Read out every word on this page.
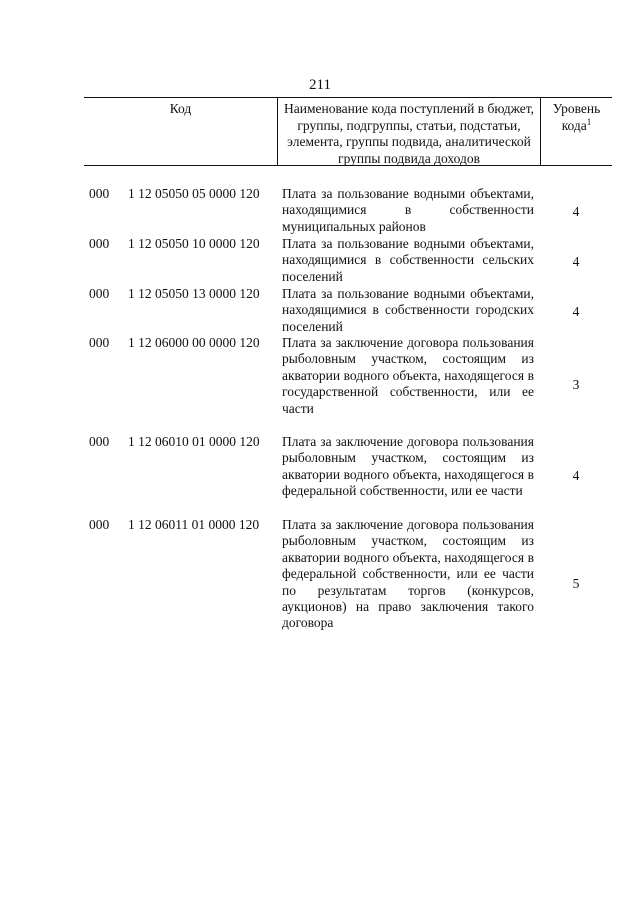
211
Код	Наименование кода поступлений в бюджет, группы, подгруппы, статьи, подстатьи, элемента, группы подвида, аналитической группы подвида доходов
Уровень кода$^1$
000 1 12 05050 05 0000 120 Плата за пользование водными объектами, находящимися в собственности муниципальных районов
4
000 1 12 05050 10 0000 120 Плата за пользование водными объектами, находящимися в собственности сельских поселений
4
000 1 12 05050 13 0000 120 Плата за пользование водными объектами, находящимися в собственности городских поселений
4
000 1 12 06000 00 0000 120 Плата за заключение договора пользования рыболовным участком, состоящим из акватории водного объекта, находящегося в государственной собственности, или ее части
3
000 1 12 06010 01 0000 120 Плата за заключение договора пользования рыболовным участком, состоящим из акватории водного объекта, находящегося в федеральной собственности, или ее части
4
000 1 12 06011 01 0000 120 Плата за заключение договора пользования рыболовным участком, состоящим из акватории водного объекта, находящегося в федеральной собственности, или ее части по результатам торгов (конкурсов, аукционов) на право заключения такого договора
5
